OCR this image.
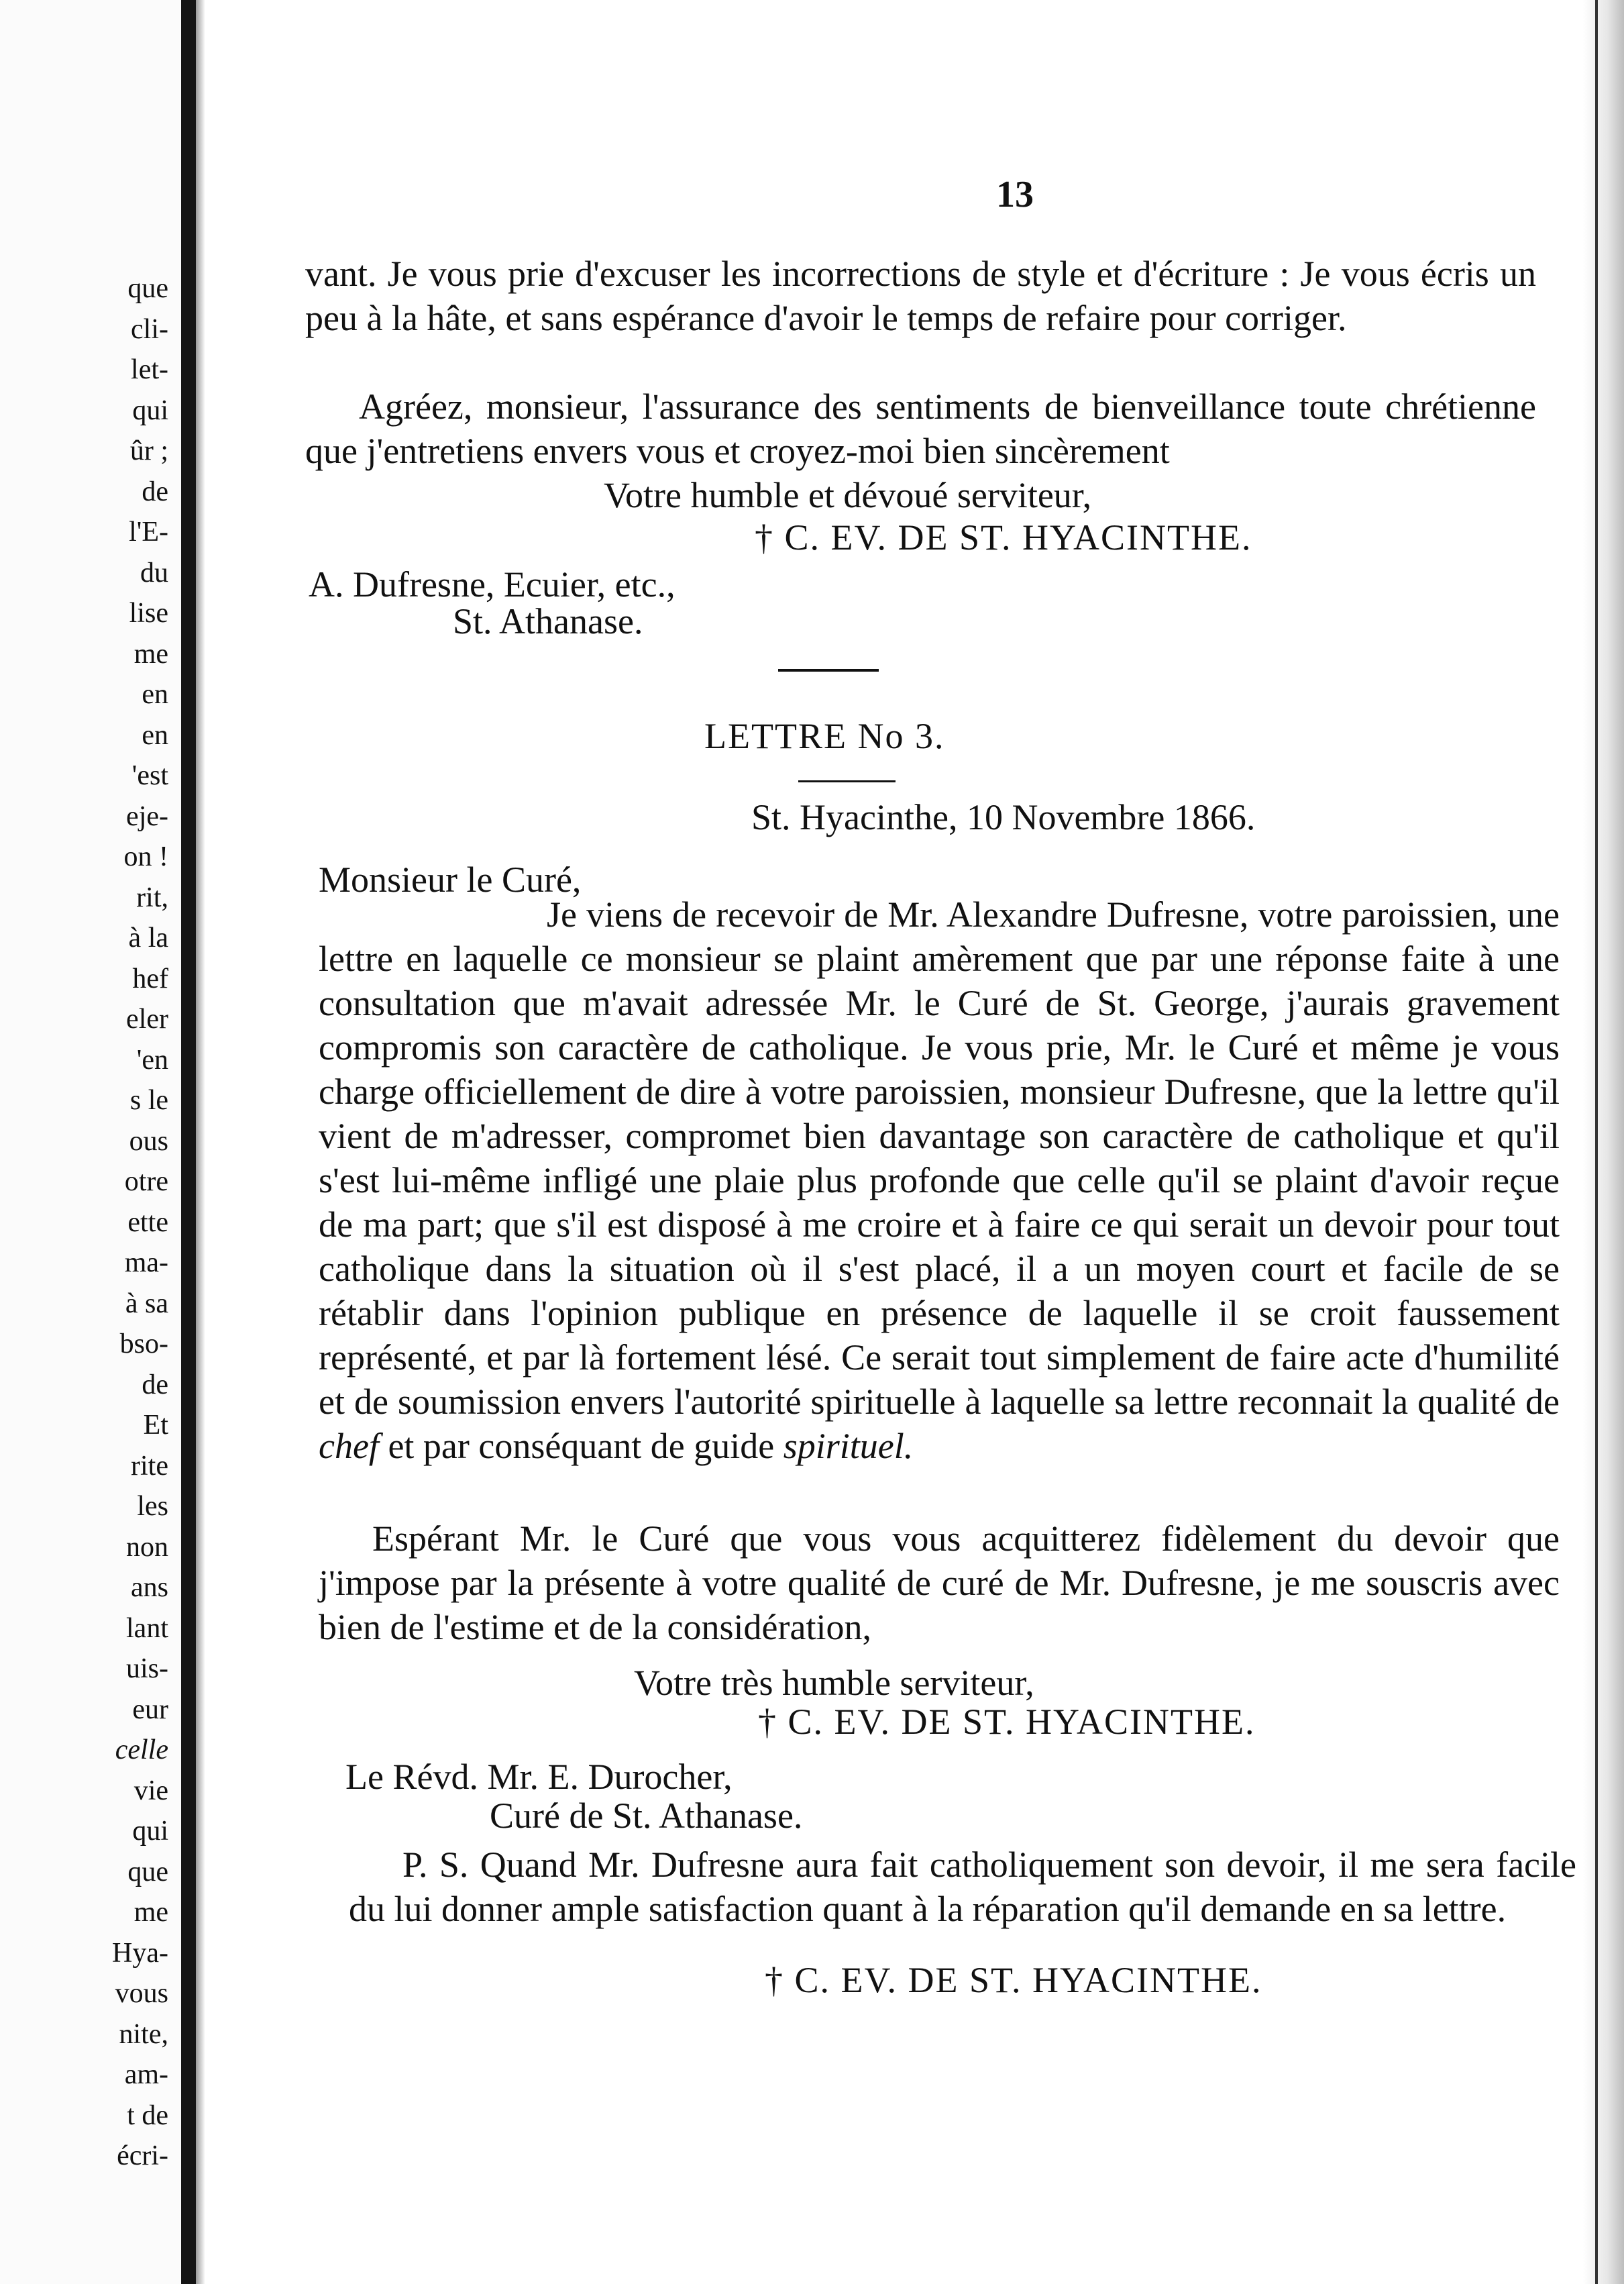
que
cli-
let-
qui
ûr ;
de
l'E-
du
lise
me
en
en
'est
eje-
on !
rit,
à la
hef
eler
'en
s le
ous
otre
ette
ma-
à sa
bso-
de
Et
rite
les
non
ans
lant
uis-
eur
celle
vie
qui
que
me
Hya-
vous
nite,
am-
t de
écri-
13
vant. Je vous prie d'excuser les incorrections de style et d'écriture : Je vous écris un peu à la hâte, et sans espérance d'avoir le temps de refaire pour corriger.
Agréez, monsieur, l'assurance des sentiments de bienveillance toute chrétienne que j'entretiens envers vous et croyez-moi bien sincèrement
Votre humble et dévoué serviteur,
† C. EV. DE ST. HYACINTHE.
A. Dufresne, Ecuier, etc.,
St. Athanase.
LETTRE No 3.
St. Hyacinthe, 10 Novembre 1866.
Monsieur le Curé,
Je viens de recevoir de Mr. Alexandre Dufresne, votre paroissien, une lettre en laquelle ce monsieur se plaint amèrement que par une réponse faite à une consultation que m'avait adressée Mr. le Curé de St. George, j'aurais gravement compromis son caractère de catholique. Je vous prie, Mr. le Curé et même je vous charge officiellement de dire à votre paroissien, monsieur Dufresne, que la lettre qu'il vient de m'adresser, compromet bien davantage son caractère de catholique et qu'il s'est lui-même infligé une plaie plus profonde que celle qu'il se plaint d'avoir reçue de ma part; que s'il est disposé à me croire et à faire ce qui serait un devoir pour tout catholique dans la situation où il s'est placé, il a un moyen court et facile de se rétablir dans l'opinion publique en présence de laquelle il se croit faussement représenté, et par là fortement lésé. Ce serait tout simplement de faire acte d'humilité et de soumission envers l'autorité spirituelle à laquelle sa lettre reconnait la qualité de chef et par conséquant de guide spirituel.
Espérant Mr. le Curé que vous vous acquitterez fidèlement du devoir que j'impose par la présente à votre qualité de curé de Mr. Dufresne, je me souscris avec bien de l'estime et de la considération,
Votre très humble serviteur,
† C. EV. DE ST. HYACINTHE.
Le Révd. Mr. E. Durocher,
Curé de St. Athanase.
P. S. Quand Mr. Dufresne aura fait catholiquement son devoir, il me sera facile du lui donner ample satisfaction quant à la réparation qu'il demande en sa lettre.
† C. EV. DE ST. HYACINTHE.
